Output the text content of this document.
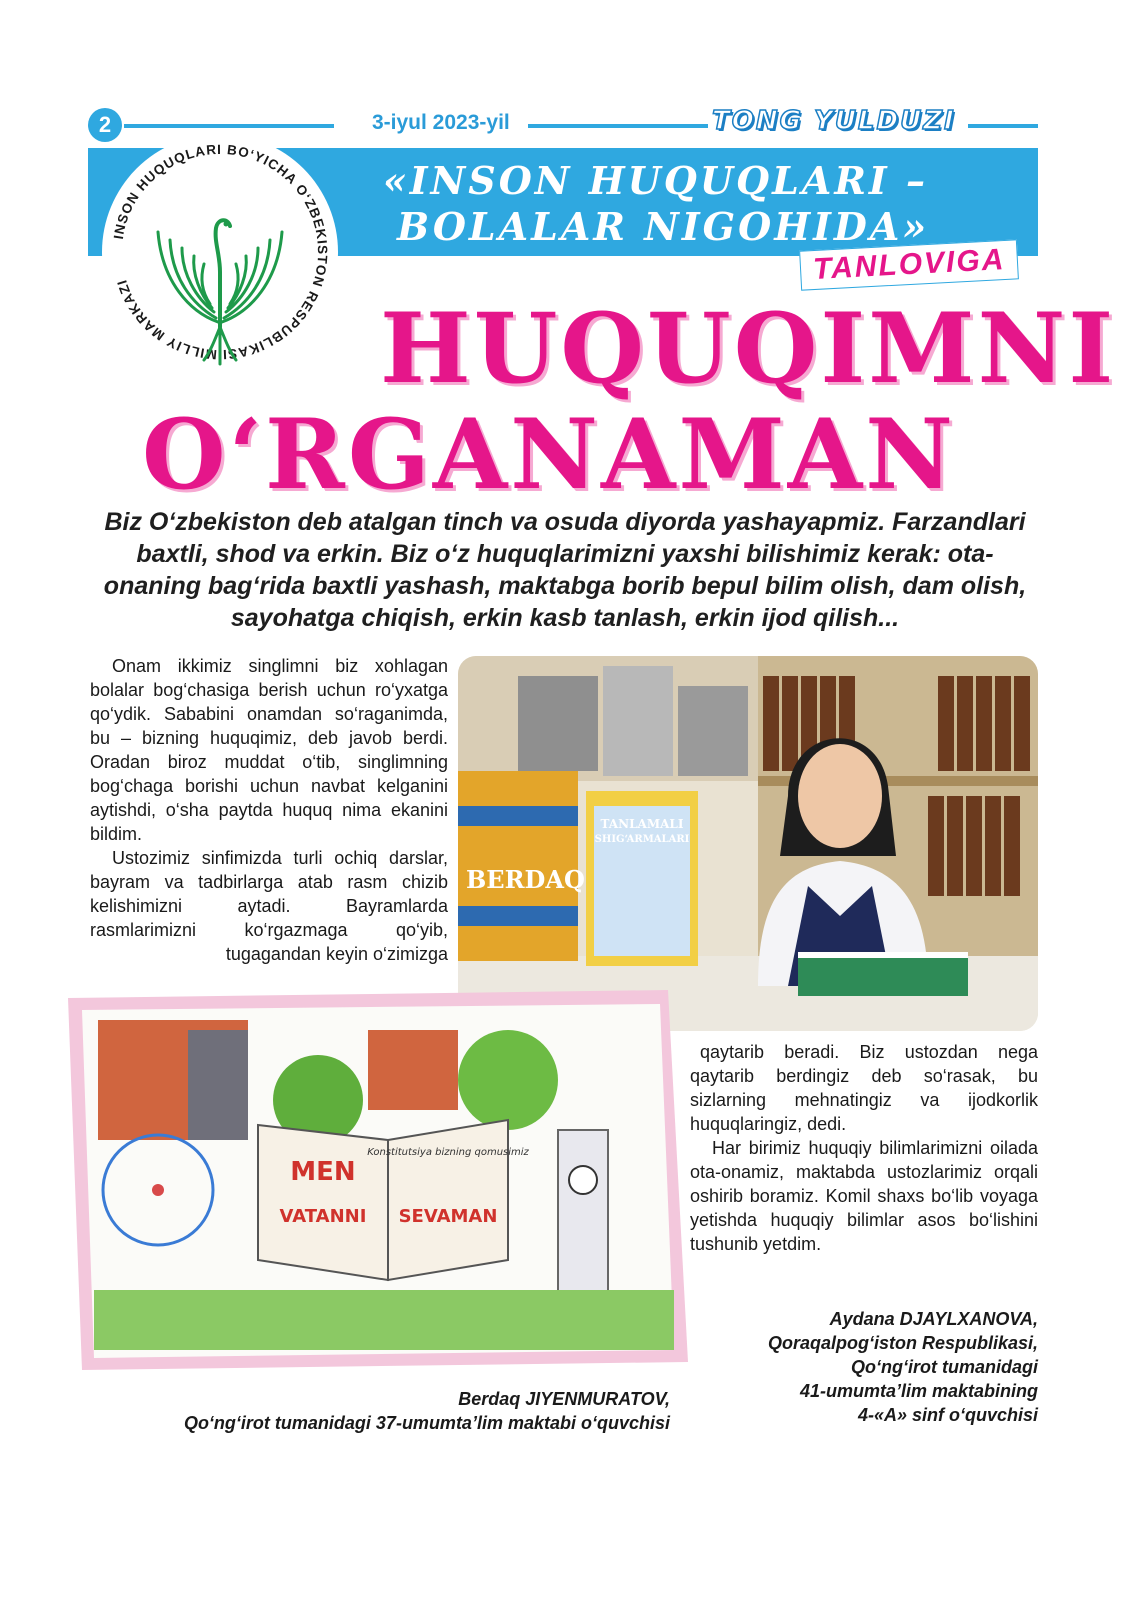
2	3-iyul 2023-yil	TONG YULDUZI
«INSON HUQUQLARI –
BOLALAR NIGOHIDA»
TANLOVIGA
INSON HUQUQLARI BO‘YICHA O‘ZBEKISTON RESPUBLIKASI MILLIY MARKAZI
HUQUQIMNI
O‘RGANAMAN
Biz O‘zbekiston deb atalgan tinch va osuda diyorda yashayapmiz. Farzandlari baxtli, shod va erkin. Biz o‘z huquqlarimizni yaxshi bilishimiz kerak: ota-onaning bag‘rida baxtli yashash, maktabga borib bepul bilim olish, dam olish, sayohatga chiqish, erkin kasb tanlash, erkin ijod qilish...

Onam ikkimiz singlimni biz xohlagan bolalar bog‘chasiga berish uchun ro‘yxatga qo‘ydik. Sababini onamdan so‘raganimda, bu – bizning huquqimiz, deb javob berdi. Oradan biroz muddat o‘tib, singlimning bog‘chaga borishi uchun navbat kelganini aytishdi, o‘sha paytda huquq nima ekanini bildim.

Ustozimiz sinfimizda turli ochiq darslar, bayram va tadbirlarga atab rasm chizib kelishimizni aytadi. Bayramlarda rasmlarimizni ko‘rgazmaga qo‘yib, tugagandan keyin o‘zimizga

BERDAQ
TANLAMALI
SHIG‘ARMALARI
MEN
VATANNI SEVAMAN
Konstitutsiya bizning qomusimiz

qaytarib beradi. Biz ustozdan nega qaytarib berdingiz deb so‘rasak, bu sizlarning mehnatingiz va ijodkorlik huquqlaringiz, dedi.

Har birimiz huquqiy bilimlarimizni oilada ota-onamiz, maktabda ustozlarimiz orqali oshirib boramiz. Komil shaxs bo‘lib voyaga yetishda huquqiy bilimlar asos bo‘lishini tushunib yetdim.

Aydana DJAYLXANOVA,
Qoraqalpog‘iston Respublikasi,
Qo‘ng‘irot tumanidagi
41-umumta’lim maktabining
4-«A» sinf o‘quvchisi
Berdaq JIYENMURATOV,
Qo‘ng‘irot tumanidagi 37-umumta’lim maktabi o‘quvchisi
